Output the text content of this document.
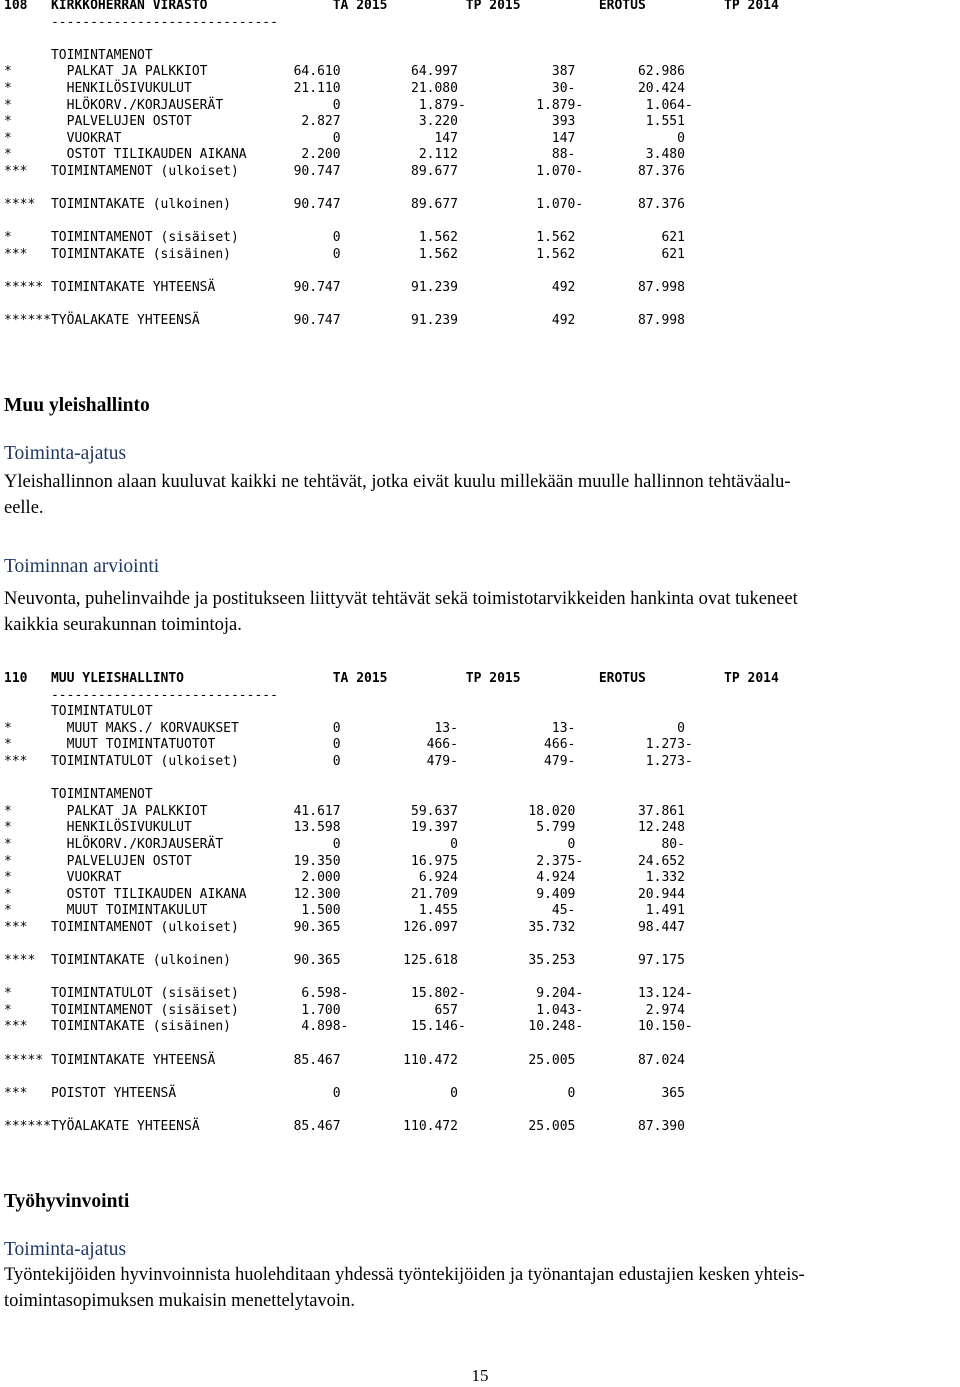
108   KIRKKOHERRAN VIRASTO                TA 2015          TP 2015          EROTUS          TP 2014
-----------------------------

TOIMINTAMENOT
*       PALKAT JA PALKKIOT           64.610         64.997            387        62.986
*       HENKILÖSIVUKULUT             21.110         21.080            30-        20.424
*       HLÖKORV./KORJAUSERÄT              0          1.879-         1.879-        1.064-
*       PALVELUJEN OSTOT              2.827          3.220            393         1.551
*       VUOKRAT                           0            147            147             0
*       OSTOT TILIKAUDEN AIKANA       2.200          2.112            88-         3.480
***   TOIMINTAMENOT (ulkoiset)       90.747         89.677          1.070-       87.376

****  TOIMINTAKATE (ulkoinen)        90.747         89.677          1.070-       87.376

*     TOIMINTAMENOT (sisäiset)            0          1.562          1.562           621
***   TOIMINTAKATE (sisäinen)             0          1.562          1.562           621

***** TOIMINTAKATE YHTEENSÄ          90.747         91.239            492        87.998

******TYÖALAKATE YHTEENSÄ            90.747         91.239            492        87.998
Muu yleishallinto
Toiminta-ajatus
Yleishallinnon alaan kuuluvat kaikki ne tehtävät, jotka eivät kuulu millekään muulle hallinnon tehtäväalu-
eelle.
Toiminnan arviointi
Neuvonta, puhelinvaihde ja postitukseen liittyvät tehtävät sekä toimistotarvikkeiden hankinta ovat tukeneet
kaikkia seurakunnan toimintoja.
110   MUU YLEISHALLINTO                   TA 2015          TP 2015          EROTUS          TP 2014
-----------------------------
TOIMINTATULOT
*       MUUT MAKS./ KORVAUKSET            0            13-            13-             0
*       MUUT TOIMINTATUOTOT               0           466-           466-         1.273-
***   TOIMINTATULOT (ulkoiset)            0           479-           479-         1.273-

TOIMINTAMENOT
*       PALKAT JA PALKKIOT           41.617         59.637         18.020        37.861
*       HENKILÖSIVUKULUT             13.598         19.397          5.799        12.248
*       HLÖKORV./KORJAUSERÄT              0              0              0           80-
*       PALVELUJEN OSTOT             19.350         16.975          2.375-       24.652
*       VUOKRAT                       2.000          6.924          4.924         1.332
*       OSTOT TILIKAUDEN AIKANA      12.300         21.709          9.409        20.944
*       MUUT TOIMINTAKULUT            1.500          1.455            45-         1.491
***   TOIMINTAMENOT (ulkoiset)       90.365        126.097         35.732        98.447

****  TOIMINTAKATE (ulkoinen)        90.365        125.618         35.253        97.175

*     TOIMINTATULOT (sisäiset)        6.598-        15.802-         9.204-       13.124-
*     TOIMINTAMENOT (sisäiset)        1.700            657          1.043-        2.974
***   TOIMINTAKATE (sisäinen)         4.898-        15.146-        10.248-       10.150-

***** TOIMINTAKATE YHTEENSÄ          85.467        110.472         25.005        87.024

***   POISTOT YHTEENSÄ                    0              0              0           365

******TYÖALAKATE YHTEENSÄ            85.467        110.472         25.005        87.390
Työhyvinvointi
Toiminta-ajatus
Työntekijöiden hyvinvoinnista huolehditaan yhdessä työntekijöiden ja työnantajan edustajien kesken yhteis-
toimintasopimuksen mukaisin menettelytavoin.
15
